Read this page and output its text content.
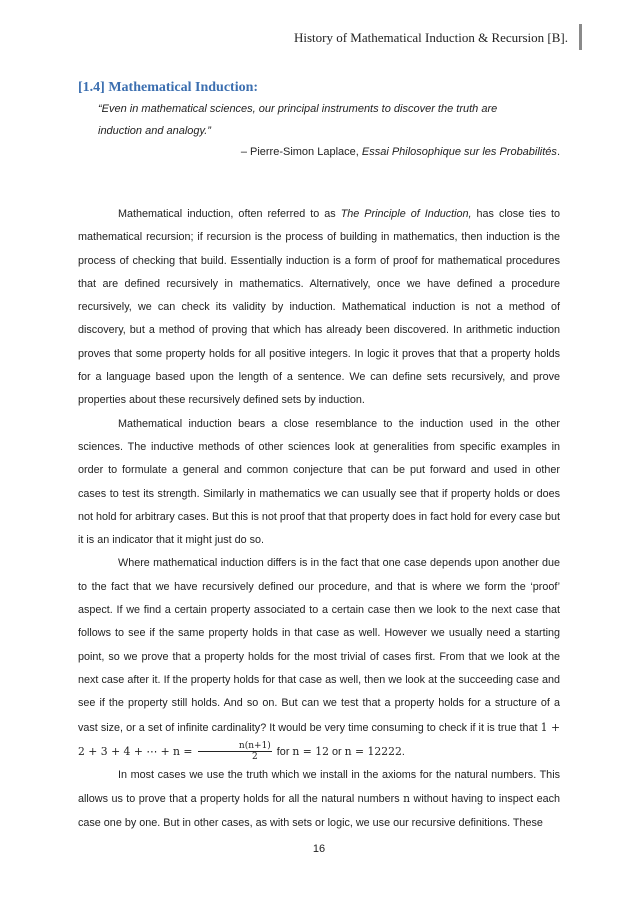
History of Mathematical Induction & Recursion [B].
[1.4] Mathematical Induction:
“Even in mathematical sciences, our principal instruments to discover the truth are
induction and analogy.”
– Pierre-Simon Laplace, Essai Philosophique sur les Probabilités.

Mathematical induction, often referred to as The Principle of Induction, has close ties to mathematical recursion; if recursion is the process of building in mathematics, then induction is the process of checking that build. Essentially induction is a form of proof for mathematical procedures that are defined recursively in mathematics. Alternatively, once we have defined a procedure recursively, we can check its validity by induction. Mathematical induction is not a method of discovery, but a method of proving that which has already been discovered. In arithmetic induction proves that some property holds for all positive integers. In logic it proves that that a property holds for a language based upon the length of a sentence. We can define sets recursively, and prove properties about these recursively defined sets by induction.

Mathematical induction bears a close resemblance to the induction used in the other sciences. The inductive methods of other sciences look at generalities from specific examples in order to formulate a general and common conjecture that can be put forward and used in other cases to test its strength. Similarly in mathematics we can usually see that if property holds or does not hold for arbitrary cases. But this is not proof that that property does in fact hold for every case but it is an indicator that it might just do so.

Where mathematical induction differs is in the fact that one case depends upon another due to the fact that we have recursively defined our procedure, and that is where we form the ‘proof’ aspect. If we find a certain property associated to a certain case then we look to the next case that follows to see if the same property holds in that case as well. However we usually need a starting point, so we prove that a property holds for the most trivial of cases first. From that we look at the next case after it. If the property holds for that case as well, then we look at the succeeding case and see if the property still holds. And so on. But can we test that a property holds for a structure of a vast size, or a set of infinite cardinality? It would be very time consuming to check if it is true that 1 + 2 + 3 + 4 + ⋯ + $n = \frac{n(n+1)}{2}$ for n = 12 or n = 12222.

In most cases we use the truth which we install in the axioms for the natural numbers. This allows us to prove that a property holds for all the natural numbers n without having to inspect each case one by one. But in other cases, as with sets or logic, we use our recursive definitions. These

16
